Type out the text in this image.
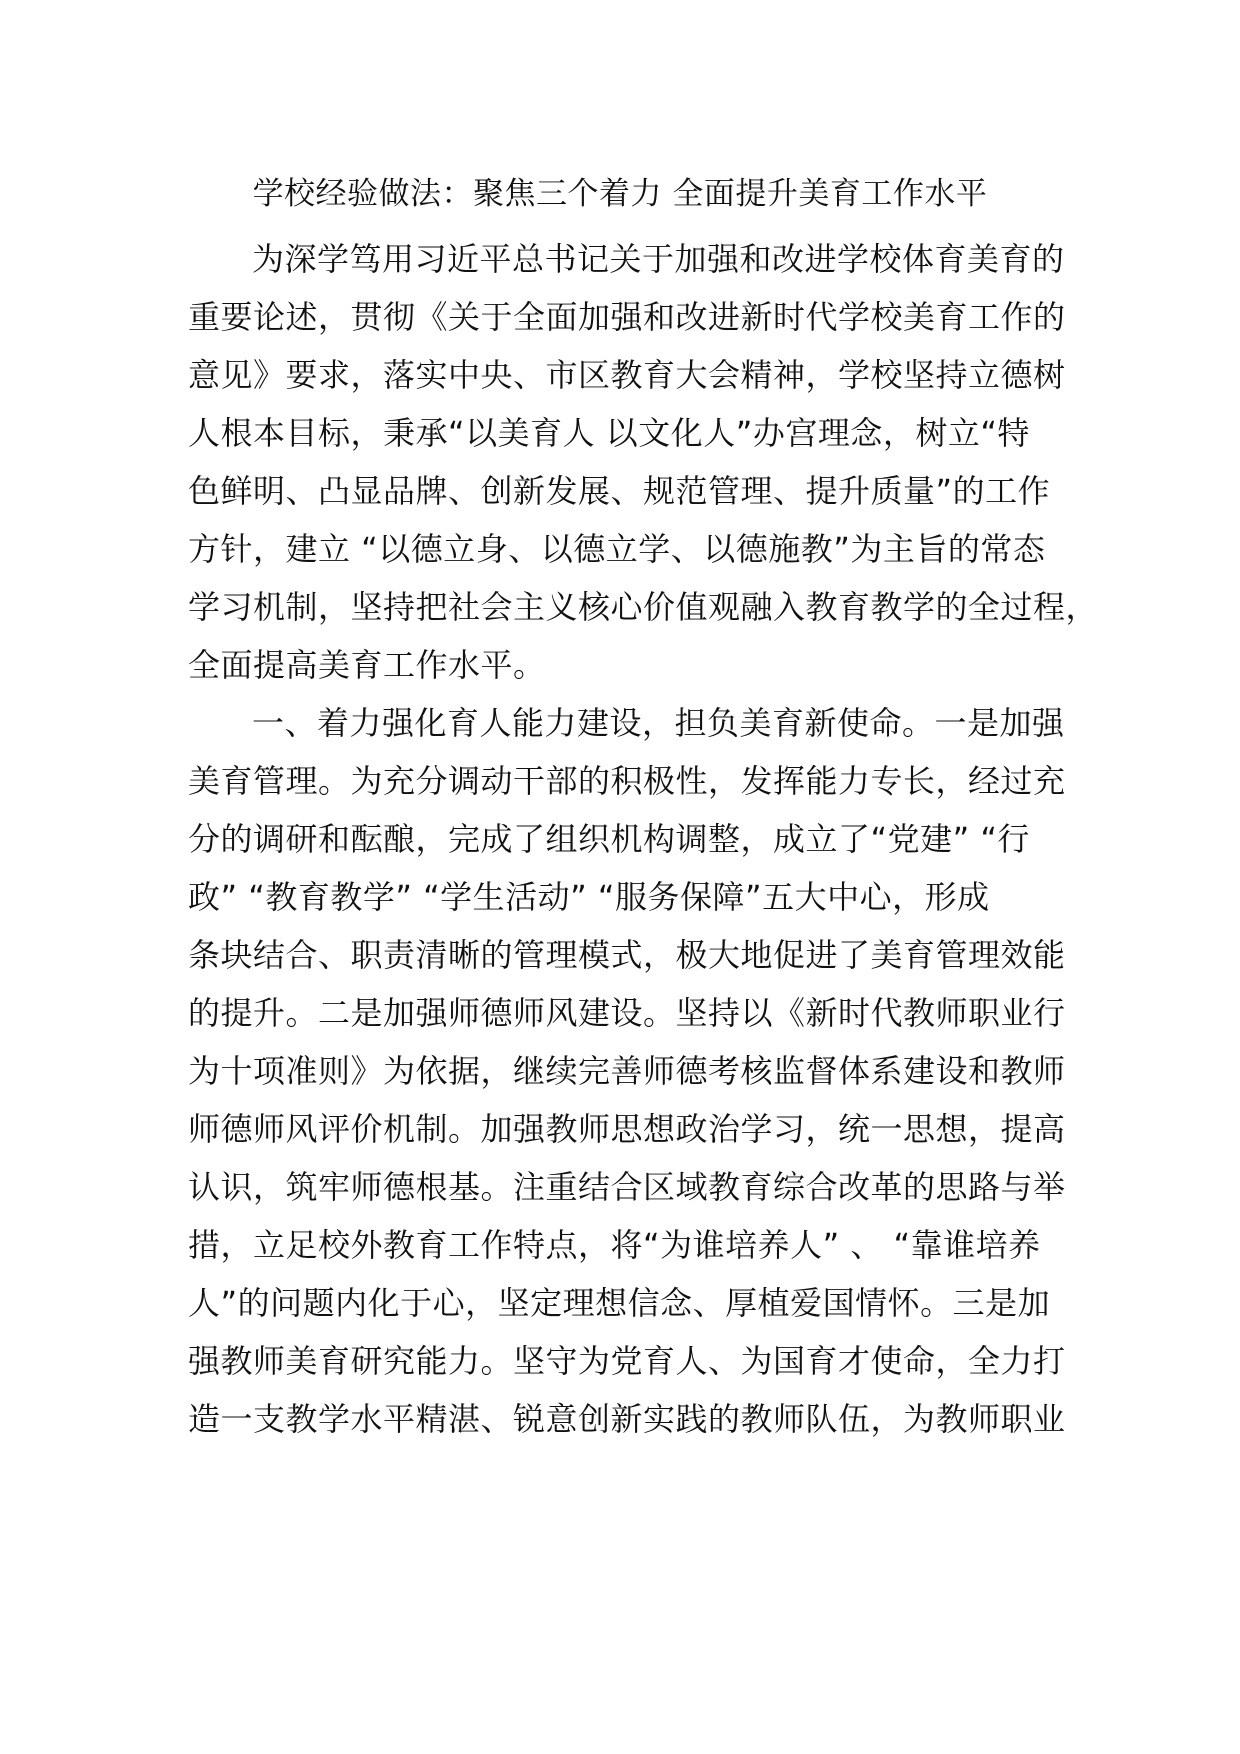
学校经验做法：聚焦三个着力 全面提升美育工作水平
为深学笃用习近平总书记关于加强和改进学校体育美育的
重要论述，贯彻《关于全面加强和改进新时代学校美育工作的
意见》要求，落实中央、市区教育大会精神，学校坚持立德树
人根本目标，秉承“以美育人 以文化人”办宫理念，树立“特
色鲜明、凸显品牌、创新发展、规范管理、提升质量”的工作
方针，建立 “以德立身、以德立学、以德施教”为主旨的常态
学习机制，坚持把社会主义核心价值观融入教育教学的全过程，
全面提高美育工作水平。
一、着力强化育人能力建设，担负美育新使命。一是加强
美育管理。为充分调动干部的积极性，发挥能力专长，经过充
分的调研和酝酿，完成了组织机构调整，成立了“党建” “行
政” “教育教学” “学生活动” “服务保障”五大中心，形成
条块结合、职责清晰的管理模式，极大地促进了美育管理效能
的提升。二是加强师德师风建设。坚持以《新时代教师职业行
为十项准则》为依据，继续完善师德考核监督体系建设和教师
师德师风评价机制。加强教师思想政治学习，统一思想，提高
认识，筑牢师德根基。注重结合区域教育综合改革的思路与举
措，立足校外教育工作特点，将“为谁培养人” 、 “靠谁培养
人”的问题内化于心，坚定理想信念、厚植爱国情怀。三是加
强教师美育研究能力。坚守为党育人、为国育才使命，全力打
造一支教学水平精湛、锐意创新实践的教师队伍，为教师职业
